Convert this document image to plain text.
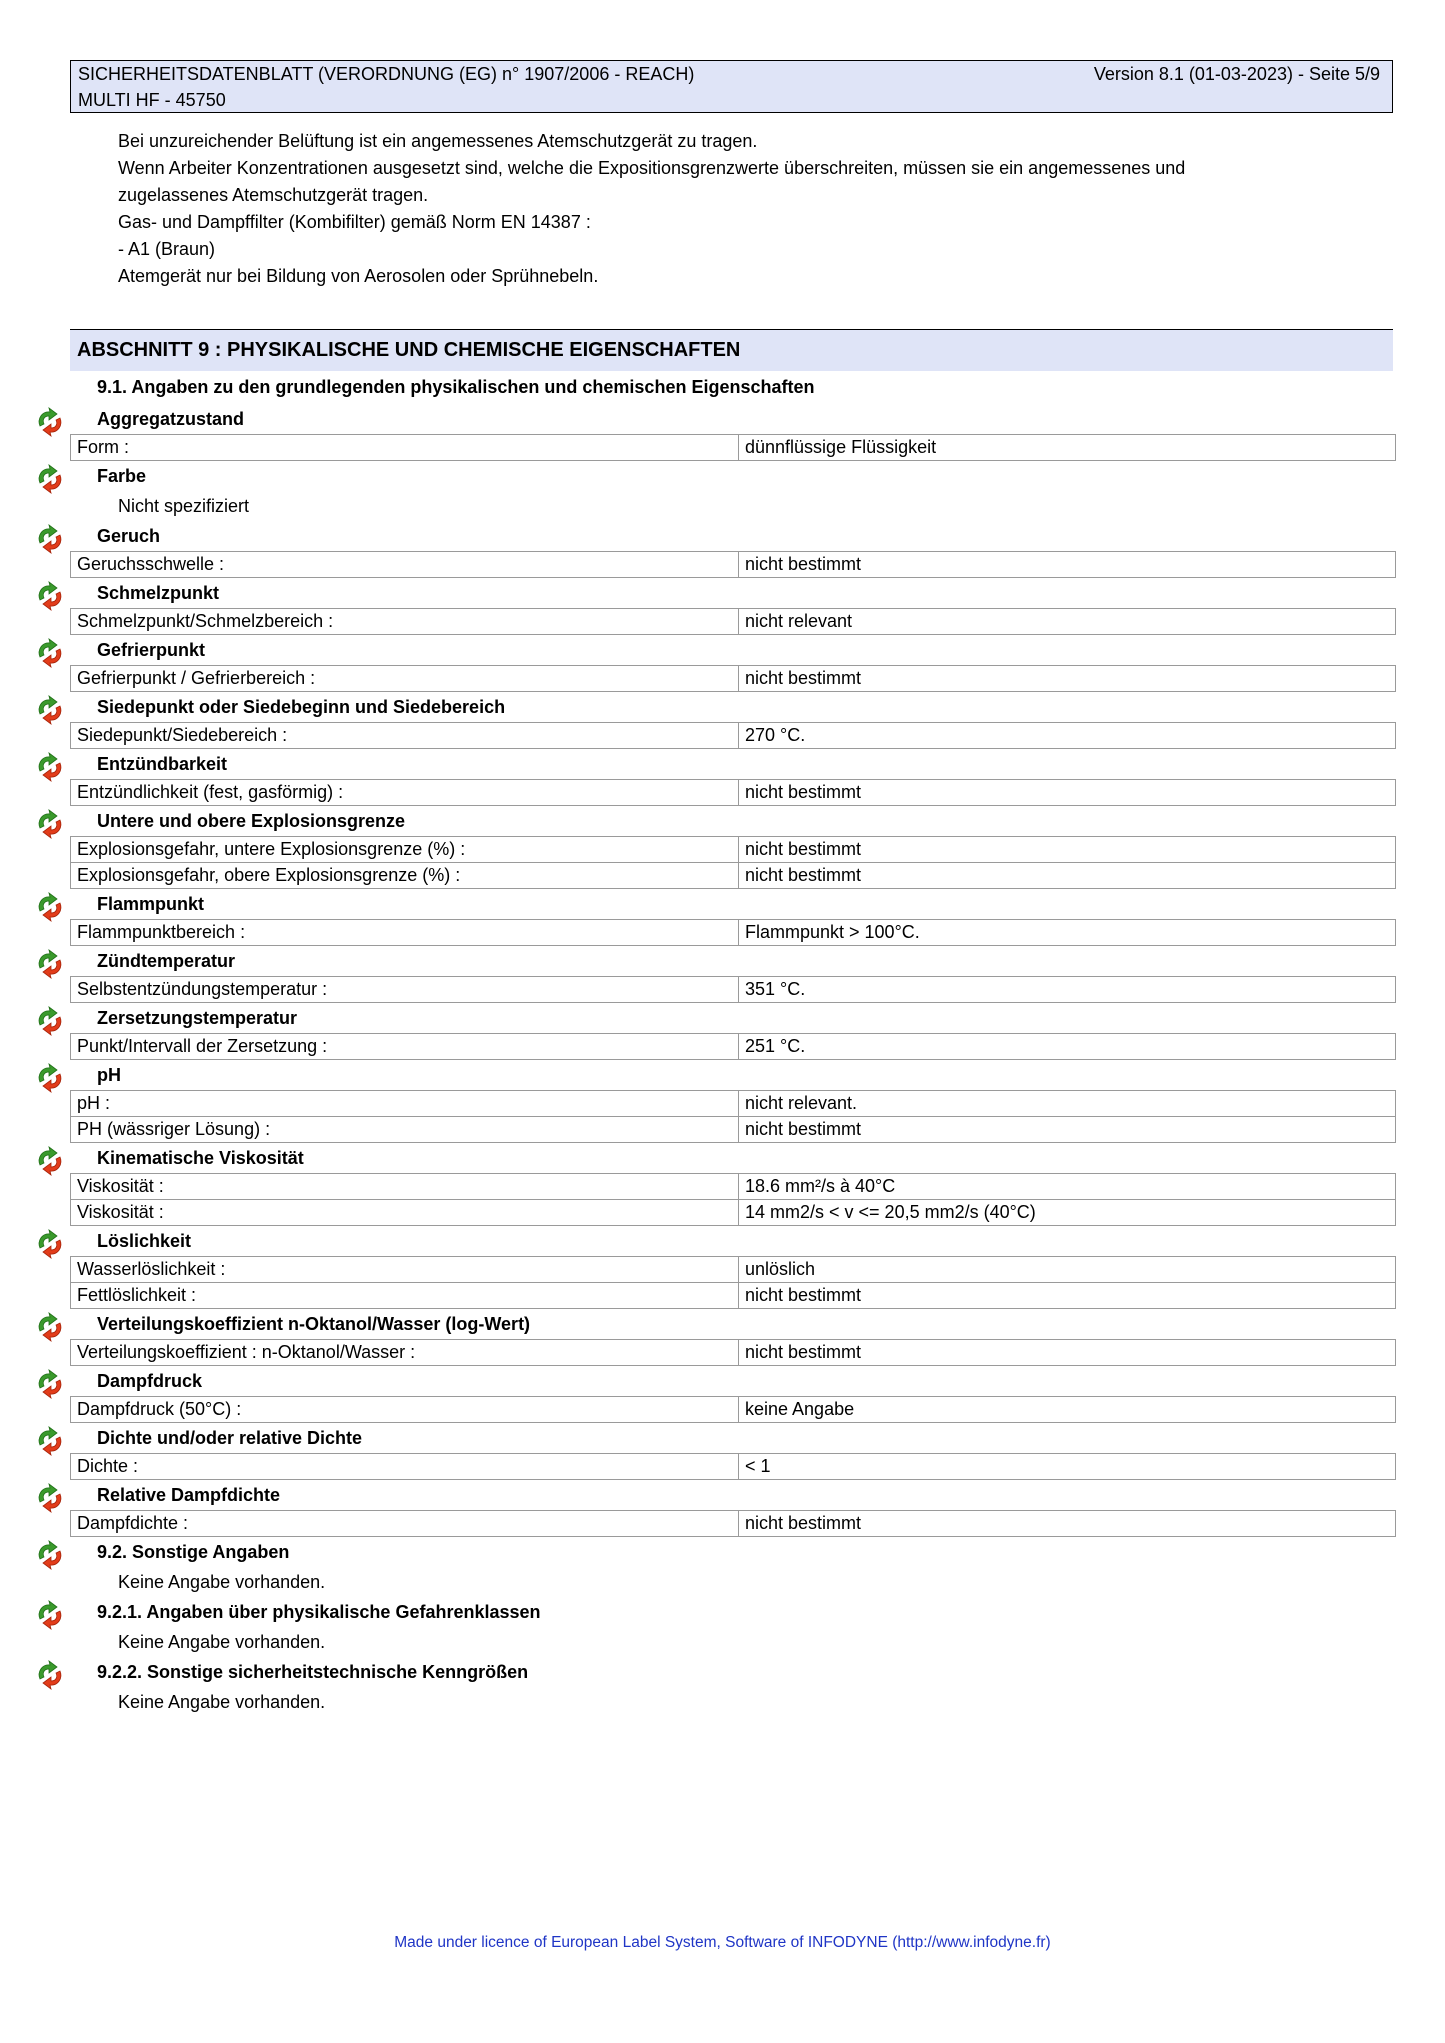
SICHERHEITSDATENBLATT (VERORDNUNG (EG) n° 1907/2006 - REACH)	Version 8.1 (01-03-2023) - Seite 5/9
MULTI HF - 45750
Bei unzureichender Belüftung ist ein angemessenes Atemschutzgerät zu tragen.
Wenn Arbeiter Konzentrationen ausgesetzt sind, welche die Expositionsgrenzwerte überschreiten, müssen sie ein angemessenes und
zugelassenes Atemschutzgerät tragen.
Gas- und Dampffilter (Kombifilter) gemäß Norm EN 14387 :
- A1 (Braun)
Atemgerät nur bei Bildung von Aerosolen oder Sprühnebeln.
ABSCHNITT 9 : PHYSIKALISCHE UND CHEMISCHE EIGENSCHAFTEN
9.1. Angaben zu den grundlegenden physikalischen und chemischen Eigenschaften
Aggregatzustand
Form :	dünnflüssige Flüssigkeit
Farbe
Nicht spezifiziert
Geruch
Geruchsschwelle :	nicht bestimmt
Schmelzpunkt
Schmelzpunkt/Schmelzbereich :	nicht relevant
Gefrierpunkt
Gefrierpunkt / Gefrierbereich :	nicht bestimmt
Siedepunkt oder Siedebeginn und Siedebereich
Siedepunkt/Siedebereich :	270 °C.
Entzündbarkeit
Entzündlichkeit (fest, gasförmig) :	nicht bestimmt
Untere und obere Explosionsgrenze
Explosionsgefahr, untere Explosionsgrenze (%) :	nicht bestimmt
Explosionsgefahr, obere Explosionsgrenze (%) :	nicht bestimmt
Flammpunkt
Flammpunktbereich :	Flammpunkt > 100°C.
Zündtemperatur
Selbstentzündungstemperatur :	351 °C.
Zersetzungstemperatur
Punkt/Intervall der Zersetzung :	251 °C.
pH
pH :	nicht relevant.
PH (wässriger Lösung) :	nicht bestimmt
Kinematische Viskosität
Viskosität :	18.6 mm²/s à 40°C
Viskosität :	14 mm2/s < v <= 20,5 mm2/s (40°C)
Löslichkeit
Wasserlöslichkeit :	unlöslich
Fettlöslichkeit :	nicht bestimmt
Verteilungskoeffizient n-Oktanol/Wasser (log-Wert)
Verteilungskoeffizient : n-Oktanol/Wasser :	nicht bestimmt
Dampfdruck
Dampfdruck (50°C) :	keine Angabe
Dichte und/oder relative Dichte
Dichte :	< 1
Relative Dampfdichte
Dampfdichte :	nicht bestimmt
9.2. Sonstige Angaben
Keine Angabe vorhanden.
9.2.1. Angaben über physikalische Gefahrenklassen
Keine Angabe vorhanden.
9.2.2. Sonstige sicherheitstechnische Kenngrößen
Keine Angabe vorhanden.
Made under licence of European Label System, Software of INFODYNE (http://www.infodyne.fr)
